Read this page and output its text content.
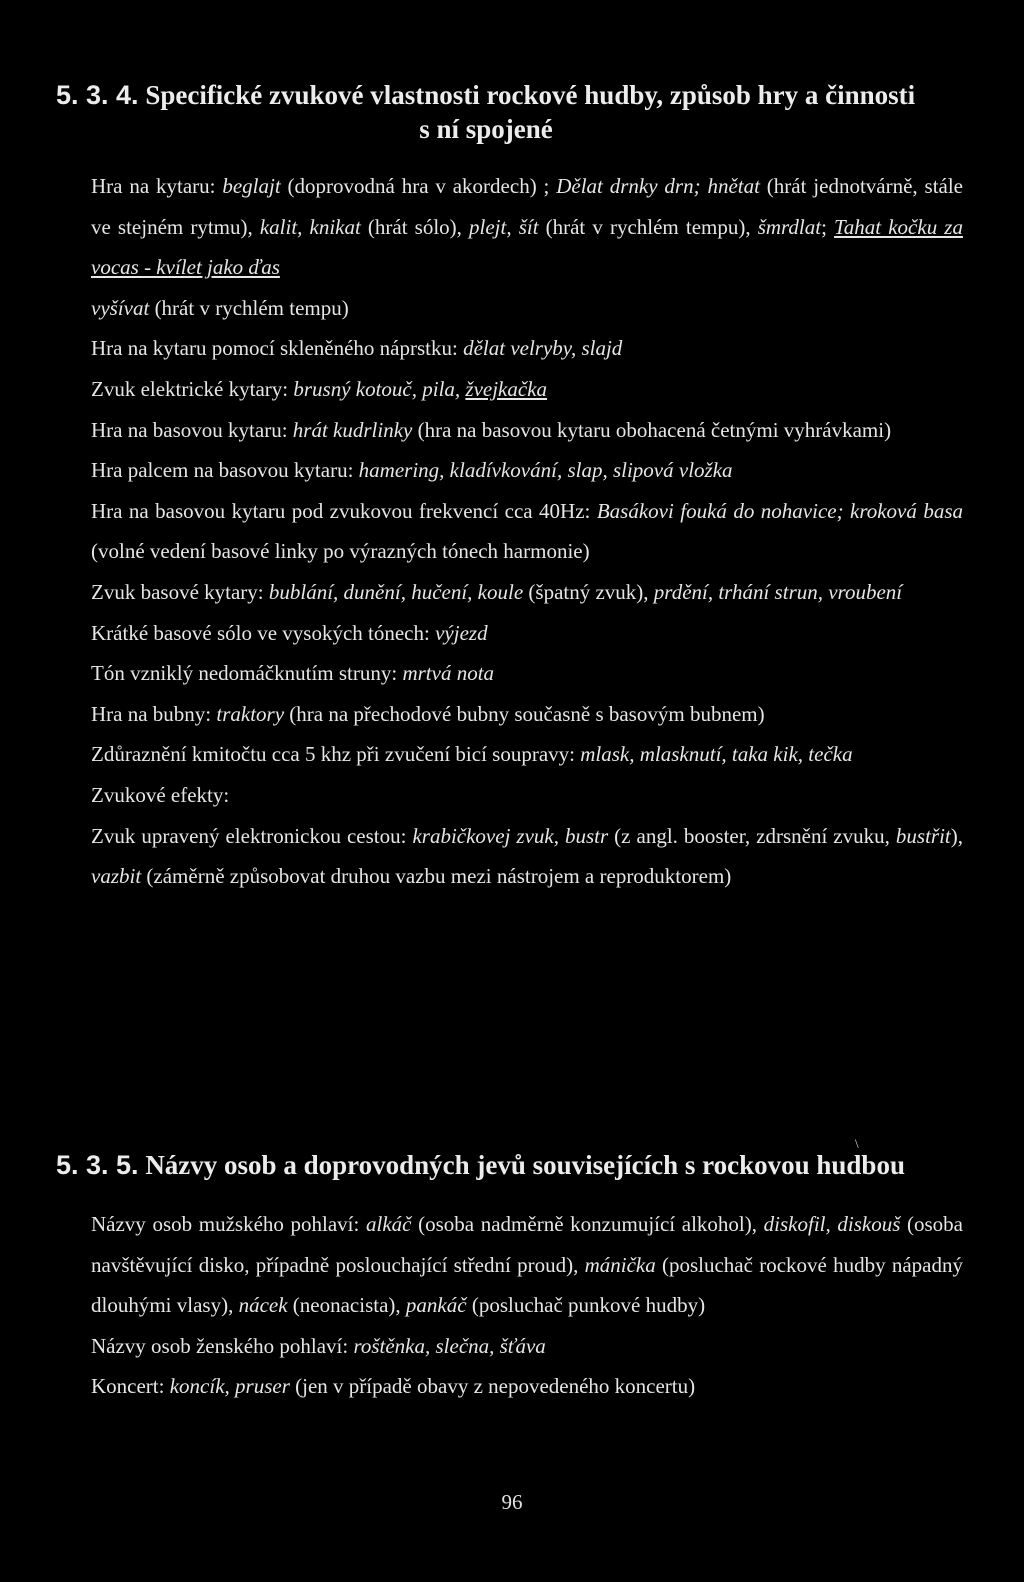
5. 3. 4. Specifické zvukové vlastnosti rockové hudby, způsob hry a činnosti
s ní spojené

Hra na kytaru: beglajt (doprovodná hra v akordech) ; Dělat drnky drn; hnětat (hrát jednotvárně, stále ve stejném rytmu), kalit, knikat (hrát sólo), plejt, šít (hrát v rychlém tempu), šmrdlat; Tahat kočku za vocas - kvílet jako ďas

vyšívat (hrát v rychlém tempu)

Hra na kytaru pomocí skleněného náprstku: dělat velryby, slajd

Zvuk elektrické kytary: brusný kotouč, pila, žvejkačka

Hra na basovou kytaru: hrát kudrlinky (hra na basovou kytaru obohacená četnými vyhrávkami)

Hra palcem na basovou kytaru: hamering, kladívkování, slap, slipová vložka

Hra na basovou kytaru pod zvukovou frekvencí cca 40Hz: Basákovi fouká do nohavice; kroková basa (volné vedení basové linky po výrazných tónech harmonie)

Zvuk basové kytary: bublání, dunění, hučení, koule (špatný zvuk), prdění, trhání strun, vroubení

Krátké basové sólo ve vysokých tónech: výjezd

Tón vzniklý nedomáčknutím struny: mrtvá nota

Hra na bubny: traktory (hra na přechodové bubny současně s basovým bubnem)

Zdůraznění kmitočtu cca 5 khz při zvučení bicí soupravy: mlask, mlasknutí, taka kik, tečka

Zvukové efekty:

Zvuk upravený elektronickou cestou: krabičkovej zvuk, bustr (z angl. booster, zdrsnění zvuku, bustřit), vazbit (záměrně způsobovat druhou vazbu mezi nástrojem a reproduktorem)

\
5. 3. 5. Názvy osob a doprovodných jevů souvisejících s rockovou hudbou

Názvy osob mužského pohlaví: alkáč (osoba nadměrně konzumující alkohol), diskofil, diskouš (osoba navštěvující disko, případně poslouchající střední proud), mánička (posluchač rockové hudby nápadný dlouhými vlasy), nácek (neonacista), pankáč (posluchač punkové hudby)

Názvy osob ženského pohlaví: roštěnka, slečna, šťáva

Koncert: koncík, pruser (jen v případě obavy z nepovedeného koncertu)

96
